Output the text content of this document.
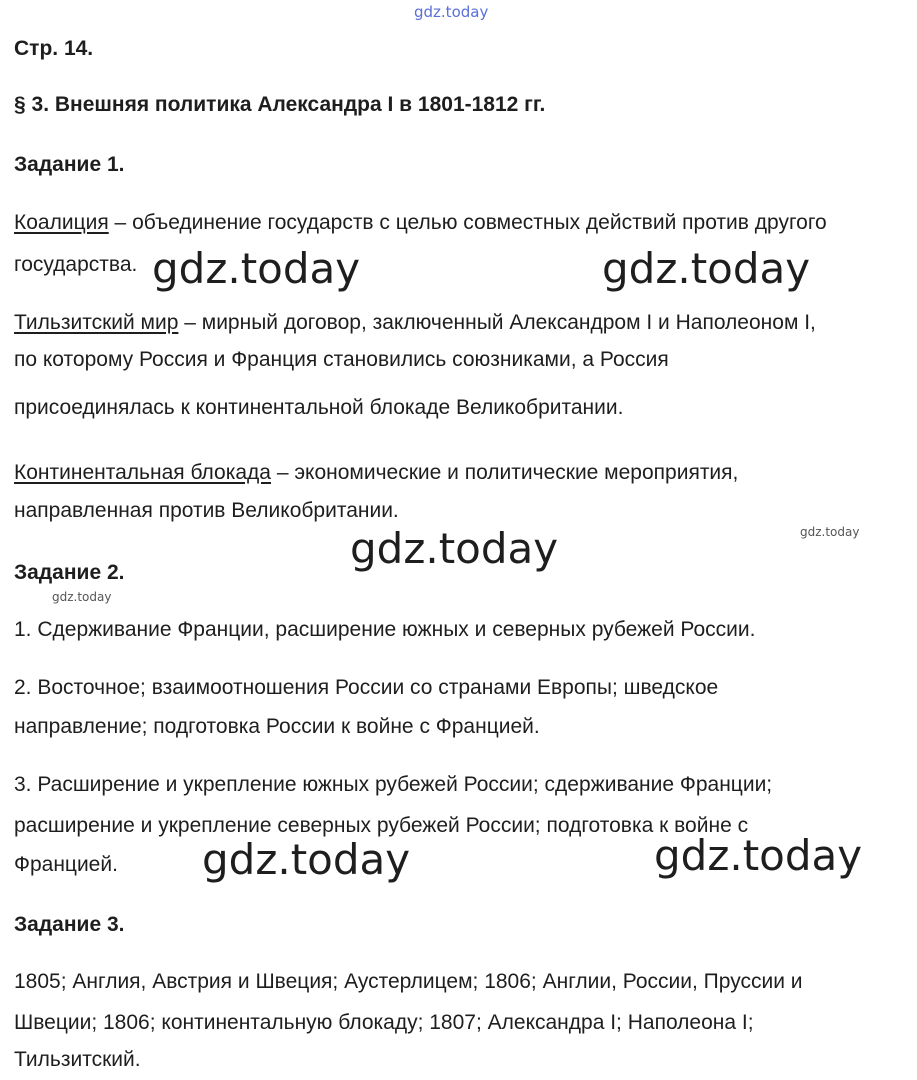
gdz.today
Стр. 14.
§ 3. Внешняя политика Александра I в 1801-1812 гг.
Задание 1.
Коалиция – объединение государств с целью совместных действий против другого
государства.
Тильзитский мир – мирный договор, заключенный Александром I и Наполеоном I,
по которому Россия и Франция становились союзниками, а Россия
присоединялась к континентальной блокаде Великобритании.
Континентальная блокада – экономические и политические мероприятия,
направленная против Великобритании.
Задание 2.
1. Сдерживание Франции, расширение южных и северных рубежей России.
2. Восточное; взаимоотношения России со странами Европы; шведское
направление; подготовка России к войне с Францией.
3. Расширение и укрепление южных рубежей России; сдерживание Франции;
расширение и укрепление северных рубежей России; подготовка к войне с
Францией.
Задание 3.
1805; Англия, Австрия и Швеция; Аустерлицем; 1806; Англии, России, Пруссии и
Швеции; 1806; континентальную блокаду; 1807; Александра I; Наполеона I;
Тильзитский.
gdz.today	gdz.today
gdz.today	gdz.today
gdz.today
gdz.today	gdz.today
